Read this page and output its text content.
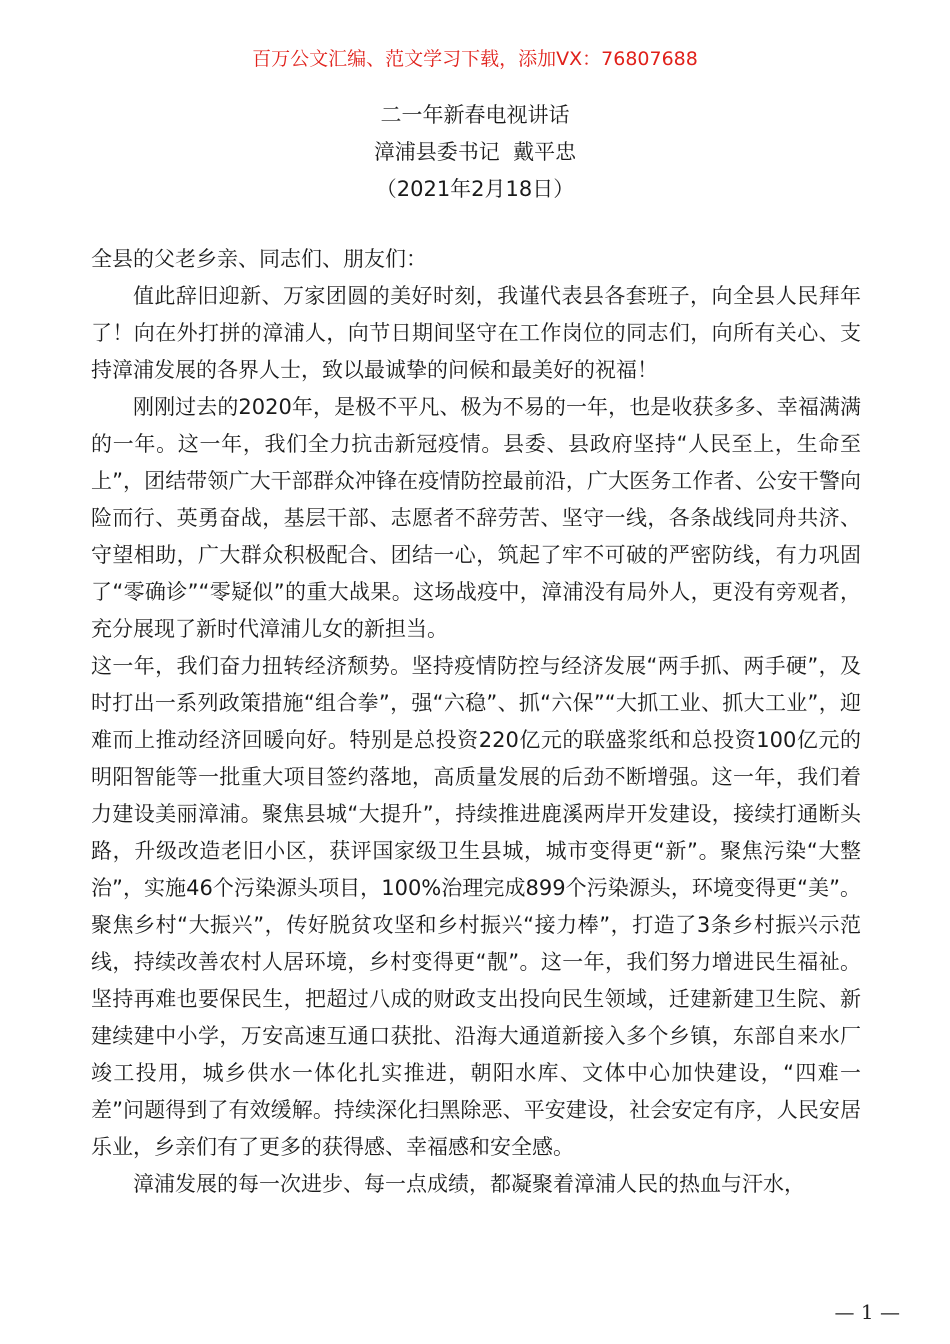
百万公文汇编、范文学习下载，添加VX：76807688
二一年新春电视讲话
漳浦县委书记  戴平忠
（2021年2月18日）

全县的父老乡亲、同志们、朋友们：

值此辞旧迎新、万家团圆的美好时刻，我谨代表县各套班子，向全县人民拜年了！向在外打拼的漳浦人，向节日期间坚守在工作岗位的同志们，向所有关心、支持漳浦发展的各界人士，致以最诚挚的问候和最美好的祝福！

刚刚过去的2020年，是极不平凡、极为不易的一年，也是收获多多、幸福满满的一年。这一年，我们全力抗击新冠疫情。县委、县政府坚持“人民至上，生命至上”，团结带领广大干部群众冲锋在疫情防控最前沿，广大医务工作者、公安干警向险而行、英勇奋战，基层干部、志愿者不辞劳苦、坚守一线，各条战线同舟共济、守望相助，广大群众积极配合、团结一心，筑起了牢不可破的严密防线，有力巩固了“零确诊”“零疑似”的重大战果。这场战疫中，漳浦没有局外人，更没有旁观者，充分展现了新时代漳浦儿女的新担当。

这一年，我们奋力扭转经济颓势。坚持疫情防控与经济发展“两手抓、两手硬”，及时打出一系列政策措施“组合拳”，强“六稳”、抓“六保”“大抓工业、抓大工业”，迎难而上推动经济回暖向好。特别是总投资220亿元的联盛浆纸和总投资100亿元的明阳智能等一批重大项目签约落地，高质量发展的后劲不断增强。这一年，我们着力建设美丽漳浦。聚焦县城“大提升”，持续推进鹿溪两岸开发建设，接续打通断头路，升级改造老旧小区，获评国家级卫生县城，城市变得更“新”。聚焦污染“大整治”，实施46个污染源头项目，100%治理完成899个污染源头，环境变得更“美”。聚焦乡村“大振兴”，传好脱贫攻坚和乡村振兴“接力棒”，打造了3条乡村振兴示范线，持续改善农村人居环境，乡村变得更“靓”。这一年，我们努力增进民生福祉。坚持再难也要保民生，把超过八成的财政支出投向民生领域，迁建新建卫生院、新建续建中小学，万安高速互通口获批、沿海大通道新接入多个乡镇，东部自来水厂竣工投用，城乡供水一体化扎实推进，朝阳水库、文体中心加快建设，“四难一差”问题得到了有效缓解。持续深化扫黑除恶、平安建设，社会安定有序，人民安居乐业，乡亲们有了更多的获得感、幸福感和安全感。

漳浦发展的每一次进步、每一点成绩，都凝聚着漳浦人民的热血与汗水，

— 1 —
